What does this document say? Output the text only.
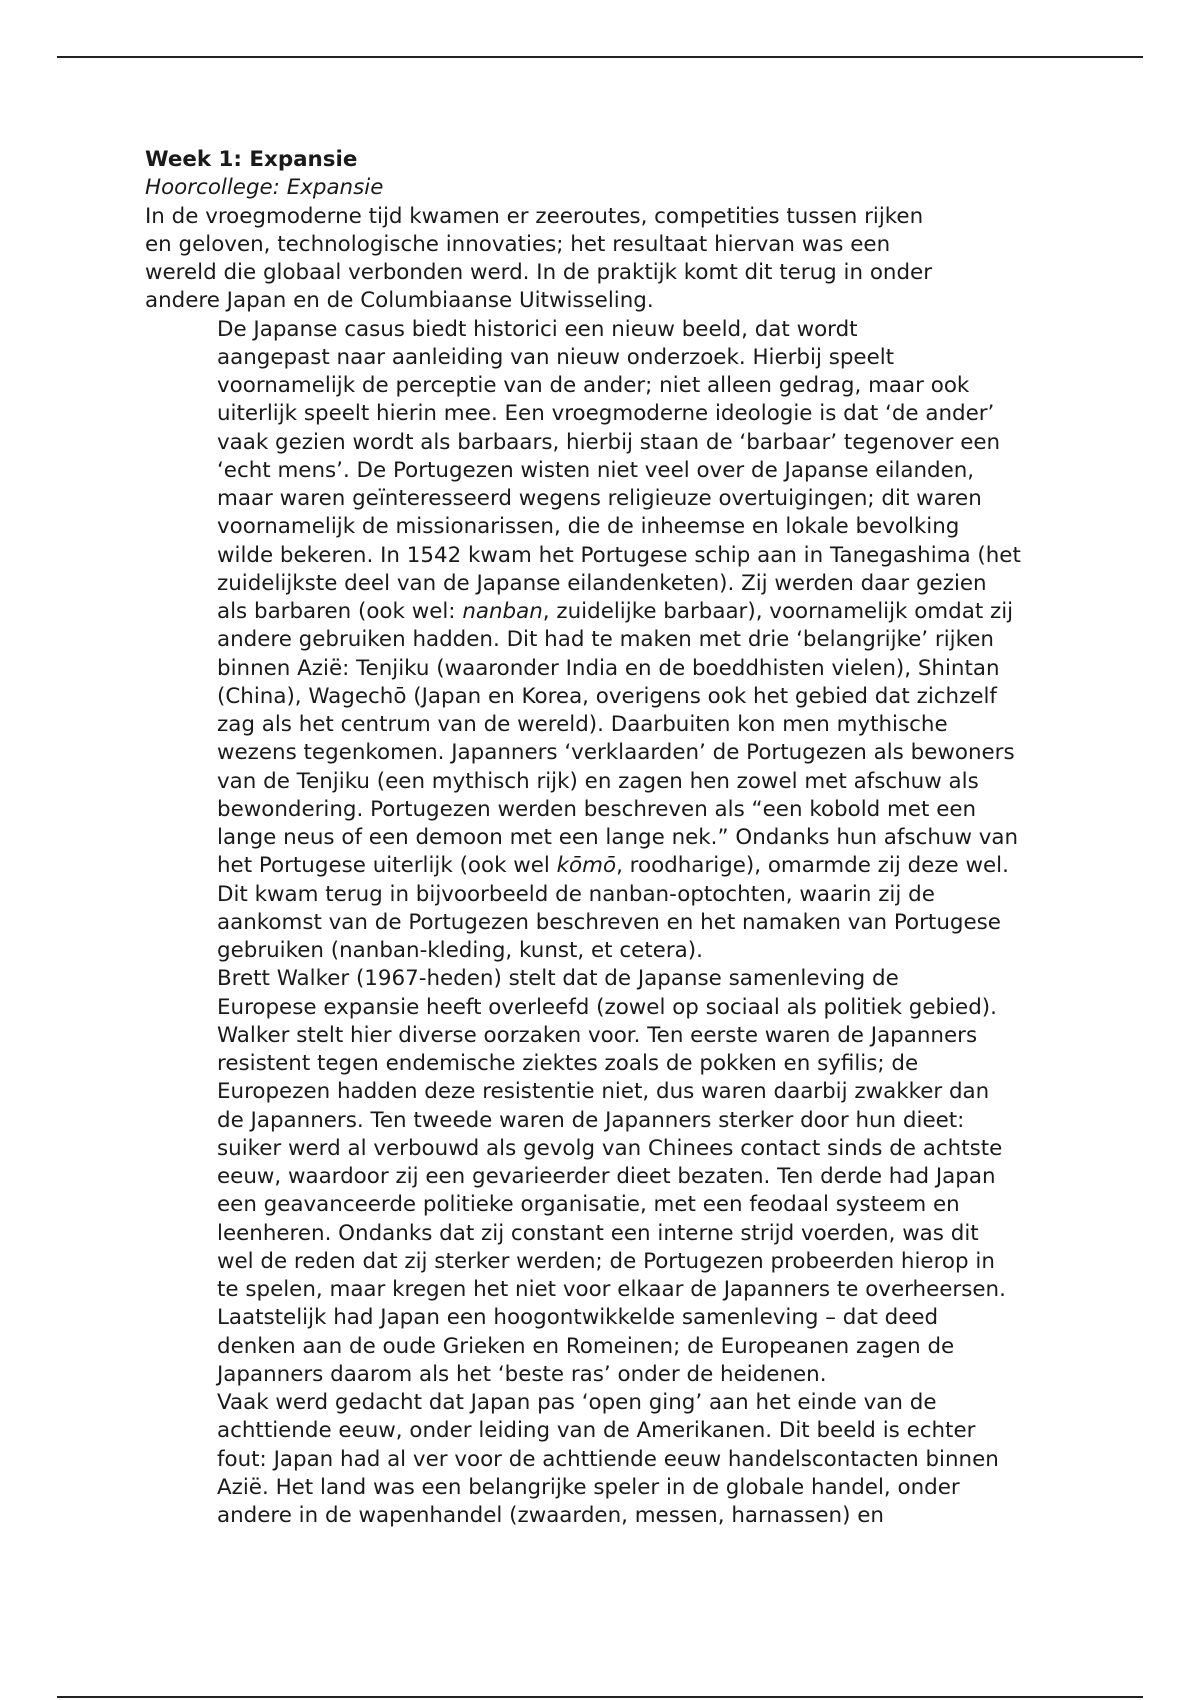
Week 1: Expansie

Hoorcollege: Expansie

In de vroegmoderne tijd kwamen er zeeroutes, competities tussen rijken
en geloven, technologische innovaties; het resultaat hiervan was een
wereld die globaal verbonden werd. In de praktijk komt dit terug in onder
andere Japan en de Columbiaanse Uitwisseling.

De Japanse casus biedt historici een nieuw beeld, dat wordt
aangepast naar aanleiding van nieuw onderzoek. Hierbij speelt
voornamelijk de perceptie van de ander; niet alleen gedrag, maar ook
uiterlijk speelt hierin mee. Een vroegmoderne ideologie is dat ‘de ander’
vaak gezien wordt als barbaars, hierbij staan de ‘barbaar’ tegenover een
‘echt mens’. De Portugezen wisten niet veel over de Japanse eilanden,
maar waren geïnteresseerd wegens religieuze overtuigingen; dit waren
voornamelijk de missionarissen, die de inheemse en lokale bevolking
wilde bekeren. In 1542 kwam het Portugese schip aan in Tanegashima (het
zuidelijkste deel van de Japanse eilandenketen). Zij werden daar gezien
als barbaren (ook wel: nanban, zuidelijke barbaar), voornamelijk omdat zij
andere gebruiken hadden. Dit had te maken met drie ‘belangrijke’ rijken
binnen Azië: Tenjiku (waaronder India en de boeddhisten vielen), Shintan
(China), Wagechō (Japan en Korea, overigens ook het gebied dat zichzelf
zag als het centrum van de wereld). Daarbuiten kon men mythische
wezens tegenkomen. Japanners ‘verklaarden’ de Portugezen als bewoners
van de Tenjiku (een mythisch rijk) en zagen hen zowel met afschuw als
bewondering. Portugezen werden beschreven als “een kobold met een
lange neus of een demoon met een lange nek.” Ondanks hun afschuw van
het Portugese uiterlijk (ook wel kōmō, roodharige), omarmde zij deze wel.
Dit kwam terug in bijvoorbeeld de nanban-optochten, waarin zij de
aankomst van de Portugezen beschreven en het namaken van Portugese
gebruiken (nanban-kleding, kunst, et cetera).

Brett Walker (1967-heden) stelt dat de Japanse samenleving de
Europese expansie heeft overleefd (zowel op sociaal als politiek gebied).
Walker stelt hier diverse oorzaken voor. Ten eerste waren de Japanners
resistent tegen endemische ziektes zoals de pokken en syfilis; de
Europezen hadden deze resistentie niet, dus waren daarbij zwakker dan
de Japanners. Ten tweede waren de Japanners sterker door hun dieet:
suiker werd al verbouwd als gevolg van Chinees contact sinds de achtste
eeuw, waardoor zij een gevarieerder dieet bezaten. Ten derde had Japan
een geavanceerde politieke organisatie, met een feodaal systeem en
leenheren. Ondanks dat zij constant een interne strijd voerden, was dit
wel de reden dat zij sterker werden; de Portugezen probeerden hierop in
te spelen, maar kregen het niet voor elkaar de Japanners te overheersen.
Laatstelijk had Japan een hoogontwikkelde samenleving – dat deed
denken aan de oude Grieken en Romeinen; de Europeanen zagen de
Japanners daarom als het ‘beste ras’ onder de heidenen.

Vaak werd gedacht dat Japan pas ‘open ging’ aan het einde van de
achttiende eeuw, onder leiding van de Amerikanen. Dit beeld is echter
fout: Japan had al ver voor de achttiende eeuw handelscontacten binnen
Azië. Het land was een belangrijke speler in de globale handel, onder
andere in de wapenhandel (zwaarden, messen, harnassen) en
